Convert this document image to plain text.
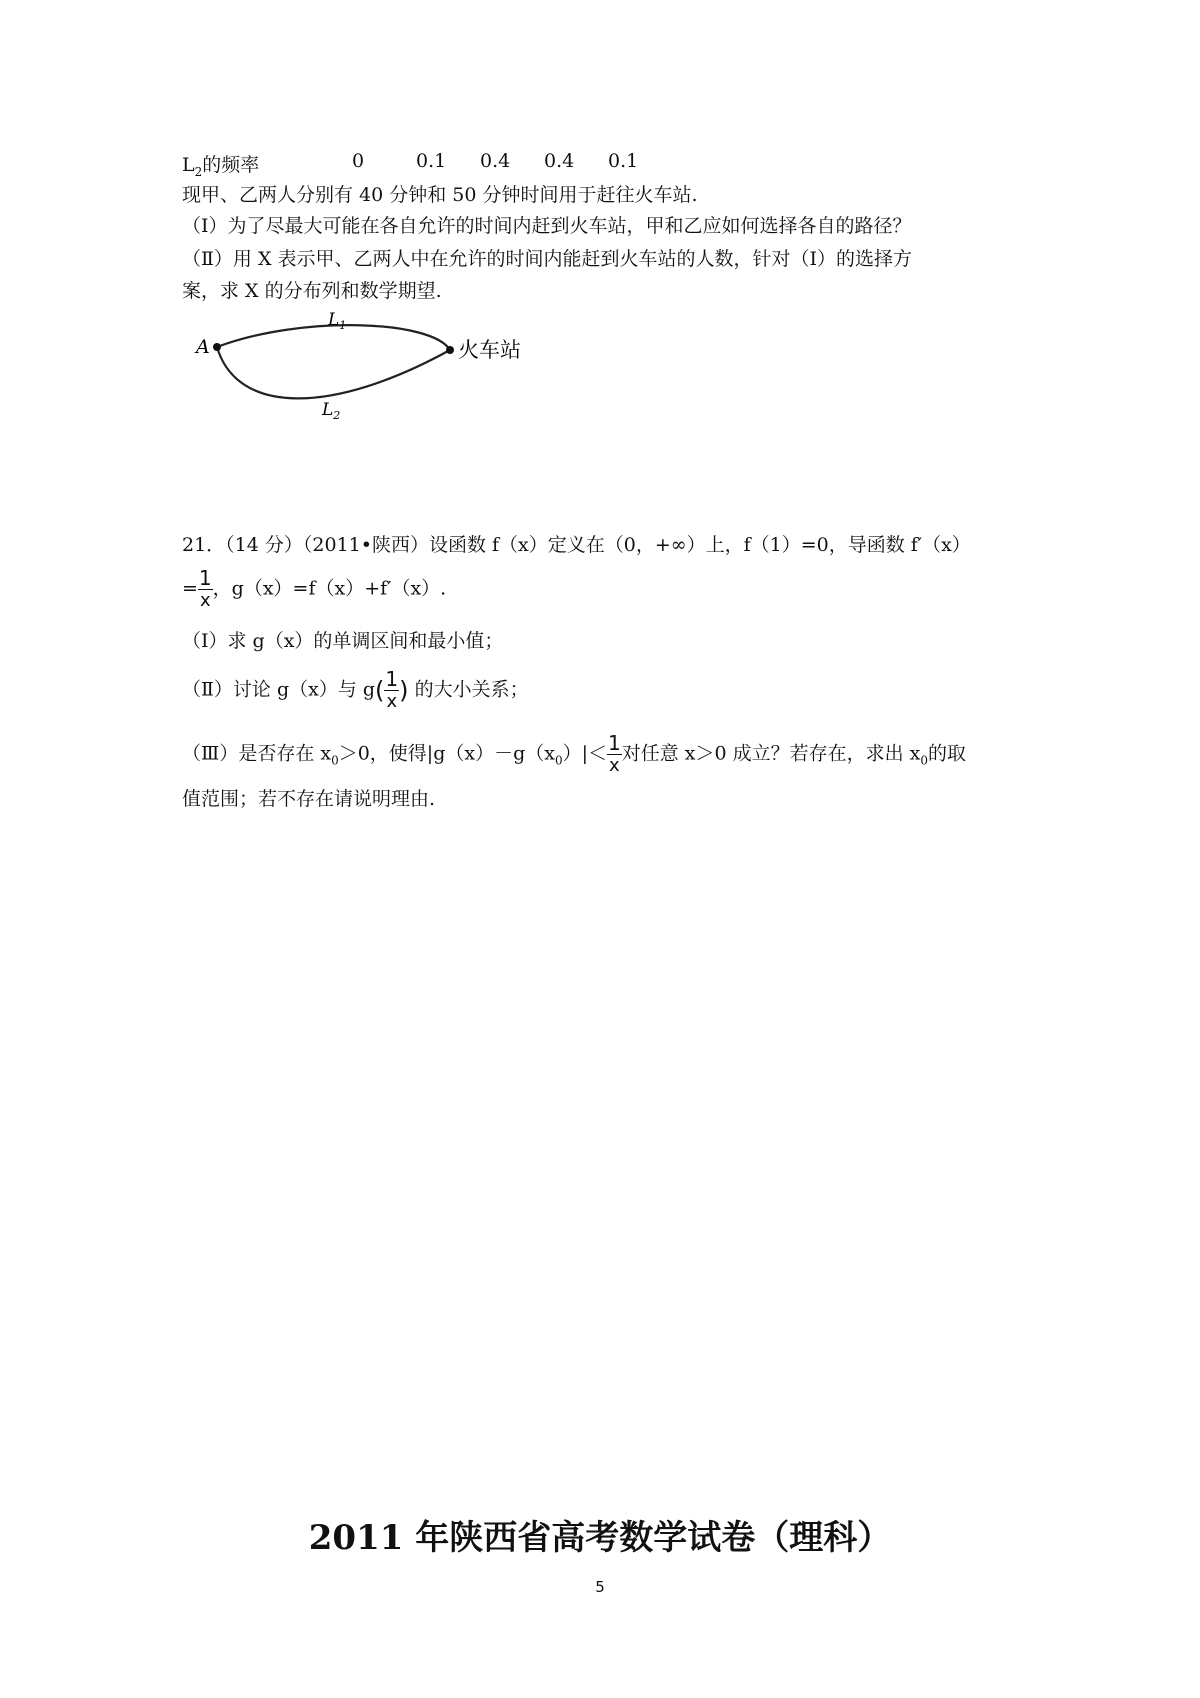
$L_2$的频率	0	0.1 0.4 0.4 0.1
现甲、乙两人分别有 40 分钟和 50 分钟时间用于赶往火车站.
（Ⅰ）为了尽最大可能在各自允许的时间内赶到火车站，甲和乙应如何选择各自的路径？
（Ⅱ）用 X 表示甲、乙两人中在允许的时间内能赶到火车站的人数，针对（Ⅰ）的选择方
案，求 X 的分布列和数学期望.
A
$L_1$
$L_2$
火车站
21．（14 分）（2011•陕西）设函数 f（x）定义在（0，+∞）上，f（1）=0，导函数 f′（x）
= $\frac{1}{x}$ ，g（x）=f（x）+f′（x）.
（Ⅰ）求 g（x）的单调区间和最小值；
（Ⅱ）讨论 g（x）与 $g( \frac{1}{x}$ ) 的大小关系；
（Ⅲ）是否存在 $x_0>0$，使得$|g(x)-g(x_0)|< \frac{1}{x}$ 对任意 x＞0 成立？若存在，求出 $x_0$的取
值范围；若不存在请说明理由.
2011 年陕西省高考数学试卷（理科）
5
